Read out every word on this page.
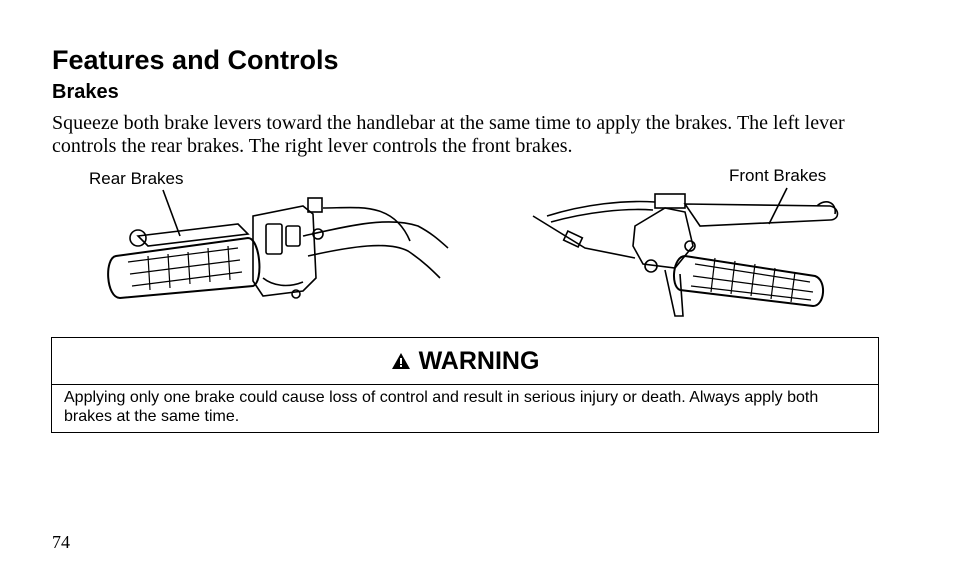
Features and Controls
Brakes

Squeeze both brake levers toward the handlebar at the same time to apply the brakes. The left lever controls the rear brakes. The right lever controls the front brakes.

Rear Brakes	Front Brakes
WARNING

Applying only one brake could cause loss of control and result in serious injury or death. Always apply both brakes at the same time.

74
